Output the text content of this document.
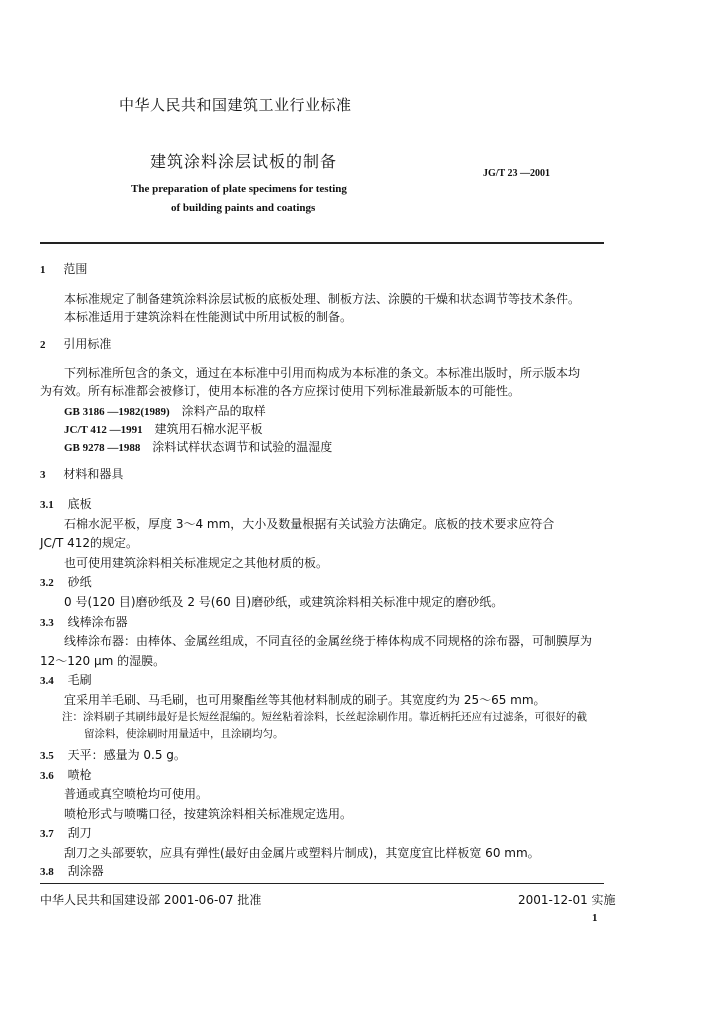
中华人民共和国建筑工业行业标准
建筑涂料涂层试板的制备
JG/T 23 —2001
The preparation of plate specimens for testing
of building paints and coatings
1 范围
本标准规定了制备建筑涂料涂层试板的底板处理、制板方法、涂膜的干燥和状态调节等技术条件。
本标准适用于建筑涂料在性能测试中所用试板的制备。
2 引用标准
下列标准所包含的条文，通过在本标准中引用而构成为本标准的条文。本标准出版时，所示版本均
为有效。所有标准都会被修订，使用本标准的各方应探讨使用下列标准最新版本的可能性。
GB 3186 —1982(1989) 涂料产品的取样
JC/T 412 —1991 建筑用石棉水泥平板
GB 9278 —1988 涂料试样状态调节和试验的温湿度
3 材料和器具
3.1 底板
石棉水泥平板，厚度 3～4 mm，大小及数量根据有关试验方法确定。底板的技术要求应符合
JC/T 412的规定。
也可使用建筑涂料相关标准规定之其他材质的板。
3.2 砂纸
0 号(120 目)磨砂纸及 2 号(60 目)磨砂纸，或建筑涂料相关标准中规定的磨砂纸。
3.3 线棒涂布器
线棒涂布器：由棒体、金属丝组成，不同直径的金属丝绕于棒体构成不同规格的涂布器，可制膜厚为
12～120 μm 的湿膜。
3.4 毛刷
宜采用羊毛刷、马毛刷，也可用聚酯丝等其他材料制成的刷子。其宽度约为 25～65 mm。
注：涂料刷子其刷纬最好是长短丝混编的。短丝粘着涂料，长丝起涂刷作用。靠近柄托还应有过滤条，可很好的截
留涂料，使涂刷时用量适中，且涂刷均匀。
3.5 天平：感量为 0.5 g。
3.6 喷枪
普通或真空喷枪均可使用。
喷枪形式与喷嘴口径，按建筑涂料相关标准规定选用。
3.7 刮刀
刮刀之头部要软，应具有弹性(最好由金属片或塑料片制成)，其宽度宜比样板宽 60 mm。
3.8 刮涂器
中华人民共和国建设部 2001-06-07 批准	2001-12-01 实施
1
